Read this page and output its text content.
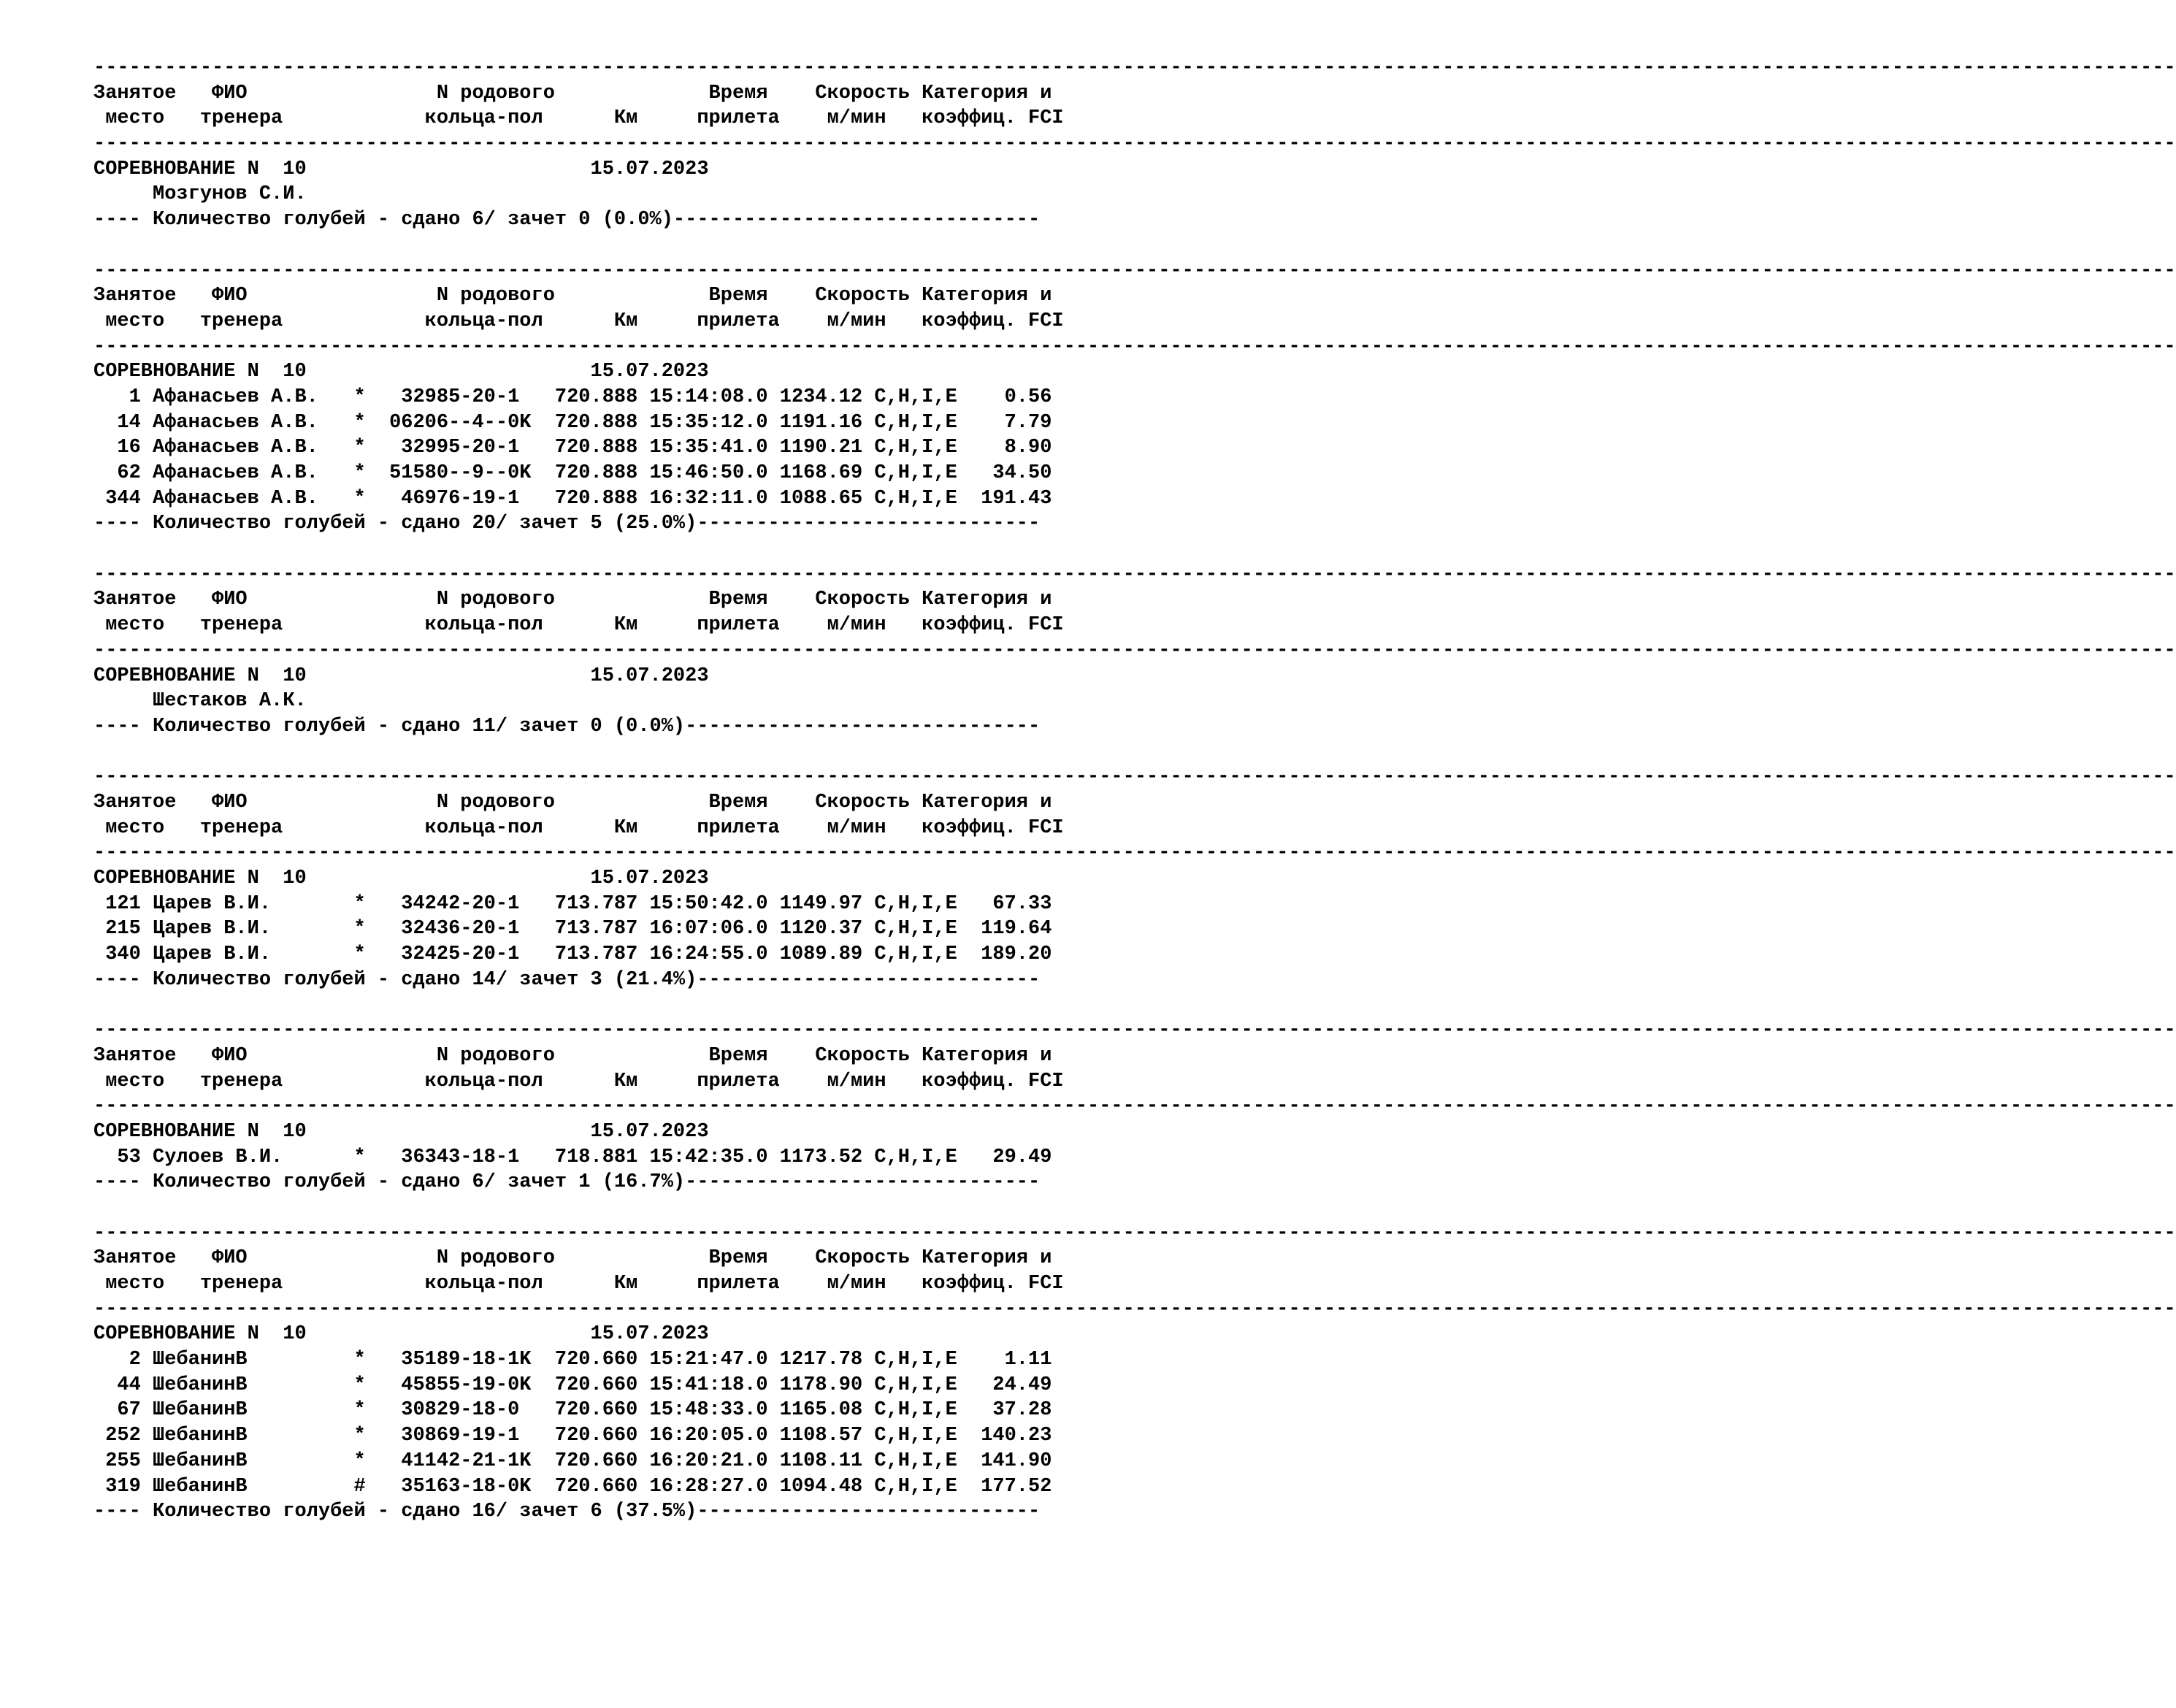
--------------------------------------------------------------------------------------------------------------------------------------------------------------------------------
Занятое   ФИО                N родового             Время    Скорость Категория и
место   тренера            кольца-пол      Км     прилета    м/мин   коэффиц. FCI
--------------------------------------------------------------------------------------------------------------------------------------------------------------------------------
СОРЕВНОВАНИЕ N  10                        15.07.2023
Мозгунов С.И.
---- Количество голубей - сдано 6/ зачет 0 (0.0%)-------------------------------
--------------------------------------------------------------------------------------------------------------------------------------------------------------------------------
Занятое   ФИО                N родового             Время    Скорость Категория и
место   тренера            кольца-пол      Км     прилета    м/мин   коэффиц. FCI
--------------------------------------------------------------------------------------------------------------------------------------------------------------------------------
СОРЕВНОВАНИЕ N  10                        15.07.2023
1 Афанасьев А.В.   *   32985-20-1   720.888 15:14:08.0 1234.12 C,H,I,E    0.56
14 Афанасьев А.В.   *  06206--4--0K  720.888 15:35:12.0 1191.16 C,H,I,E    7.79
16 Афанасьев А.В.   *   32995-20-1   720.888 15:35:41.0 1190.21 C,H,I,E    8.90
62 Афанасьев А.В.   *  51580--9--0K  720.888 15:46:50.0 1168.69 C,H,I,E   34.50
344 Афанасьев А.В.   *   46976-19-1   720.888 16:32:11.0 1088.65 C,H,I,E  191.43
---- Количество голубей - сдано 20/ зачет 5 (25.0%)-----------------------------
--------------------------------------------------------------------------------------------------------------------------------------------------------------------------------
Занятое   ФИО                N родового             Время    Скорость Категория и
место   тренера            кольца-пол      Км     прилета    м/мин   коэффиц. FCI
--------------------------------------------------------------------------------------------------------------------------------------------------------------------------------
СОРЕВНОВАНИЕ N  10                        15.07.2023
Шестаков А.К.
---- Количество голубей - сдано 11/ зачет 0 (0.0%)------------------------------
--------------------------------------------------------------------------------------------------------------------------------------------------------------------------------
Занятое   ФИО                N родового             Время    Скорость Категория и
место   тренера            кольца-пол      Км     прилета    м/мин   коэффиц. FCI
--------------------------------------------------------------------------------------------------------------------------------------------------------------------------------
СОРЕВНОВАНИЕ N  10                        15.07.2023
121 Царев В.И.       *   34242-20-1   713.787 15:50:42.0 1149.97 C,H,I,E   67.33
215 Царев В.И.       *   32436-20-1   713.787 16:07:06.0 1120.37 C,H,I,E  119.64
340 Царев В.И.       *   32425-20-1   713.787 16:24:55.0 1089.89 C,H,I,E  189.20
---- Количество голубей - сдано 14/ зачет 3 (21.4%)-----------------------------
--------------------------------------------------------------------------------------------------------------------------------------------------------------------------------
Занятое   ФИО                N родового             Время    Скорость Категория и
место   тренера            кольца-пол      Км     прилета    м/мин   коэффиц. FCI
--------------------------------------------------------------------------------------------------------------------------------------------------------------------------------
СОРЕВНОВАНИЕ N  10                        15.07.2023
53 Сулоев В.И.      *   36343-18-1   718.881 15:42:35.0 1173.52 C,H,I,E   29.49
---- Количество голубей - сдано 6/ зачет 1 (16.7%)------------------------------
--------------------------------------------------------------------------------------------------------------------------------------------------------------------------------
Занятое   ФИО                N родового             Время    Скорость Категория и
место   тренера            кольца-пол      Км     прилета    м/мин   коэффиц. FCI
--------------------------------------------------------------------------------------------------------------------------------------------------------------------------------
СОРЕВНОВАНИЕ N  10                        15.07.2023
2 ШебанинВ         *   35189-18-1K  720.660 15:21:47.0 1217.78 C,H,I,E    1.11
44 ШебанинВ         *   45855-19-0K  720.660 15:41:18.0 1178.90 C,H,I,E   24.49
67 ШебанинВ         *   30829-18-0   720.660 15:48:33.0 1165.08 C,H,I,E   37.28
252 ШебанинВ         *   30869-19-1   720.660 16:20:05.0 1108.57 C,H,I,E  140.23
255 ШебанинВ         *   41142-21-1K  720.660 16:20:21.0 1108.11 C,H,I,E  141.90
319 ШебанинВ         #   35163-18-0K  720.660 16:28:27.0 1094.48 C,H,I,E  177.52
---- Количество голубей - сдано 16/ зачет 6 (37.5%)-----------------------------
